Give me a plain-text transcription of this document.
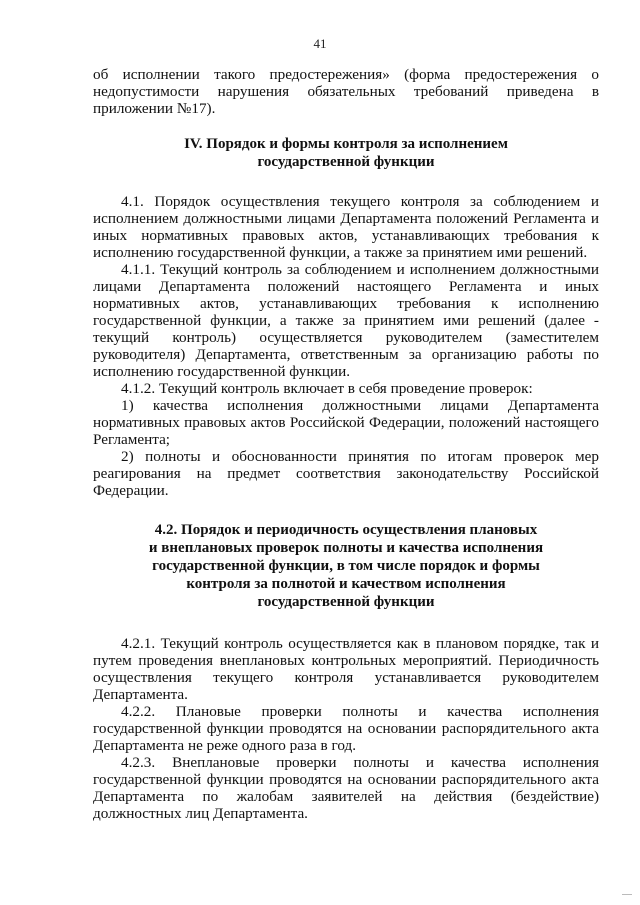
41

об исполнении такого предостережения» (форма предостережения о недопустимости нарушения обязательных требований приведена в приложении №17).

IV. Порядок и формы контроля за исполнением
государственной функции

4.1. Порядок осуществления текущего контроля за соблюдением и исполнением должностными лицами Департамента положений Регламента и иных нормативных правовых актов, устанавливающих требования к исполнению государственной функции, а также за принятием ими решений.

4.1.1. Текущий контроль за соблюдением и исполнением должностными лицами Департамента положений настоящего Регламента и иных нормативных актов, устанавливающих требования к исполнению государственной функции, а также за принятием ими решений (далее - текущий контроль) осуществляется руководителем (заместителем руководителя) Департамента, ответственным за организацию работы по исполнению государственной функции.

4.1.2. Текущий контроль включает в себя проведение проверок:

1) качества исполнения должностными лицами Департамента нормативных правовых актов Российской Федерации, положений настоящего Регламента;

2) полноты и обоснованности принятия по итогам проверок мер реагирования на предмет соответствия законодательству Российской Федерации.

4.2. Порядок и периодичность осуществления плановых
и внеплановых проверок полноты и качества исполнения
государственной функции, в том числе порядок и формы
контроля за полнотой и качеством исполнения
государственной функции

4.2.1. Текущий контроль осуществляется как в плановом порядке, так и путем проведения внеплановых контрольных мероприятий. Периодичность осуществления текущего контроля устанавливается руководителем Департамента.

4.2.2. Плановые проверки полноты и качества исполнения государственной функции проводятся на основании распорядительного акта Департамента не реже одного раза в год.

4.2.3. Внеплановые проверки полноты и качества исполнения государственной функции проводятся на основании распорядительного акта Департамента по жалобам заявителей на действия (бездействие) должностных лиц Департамента.
